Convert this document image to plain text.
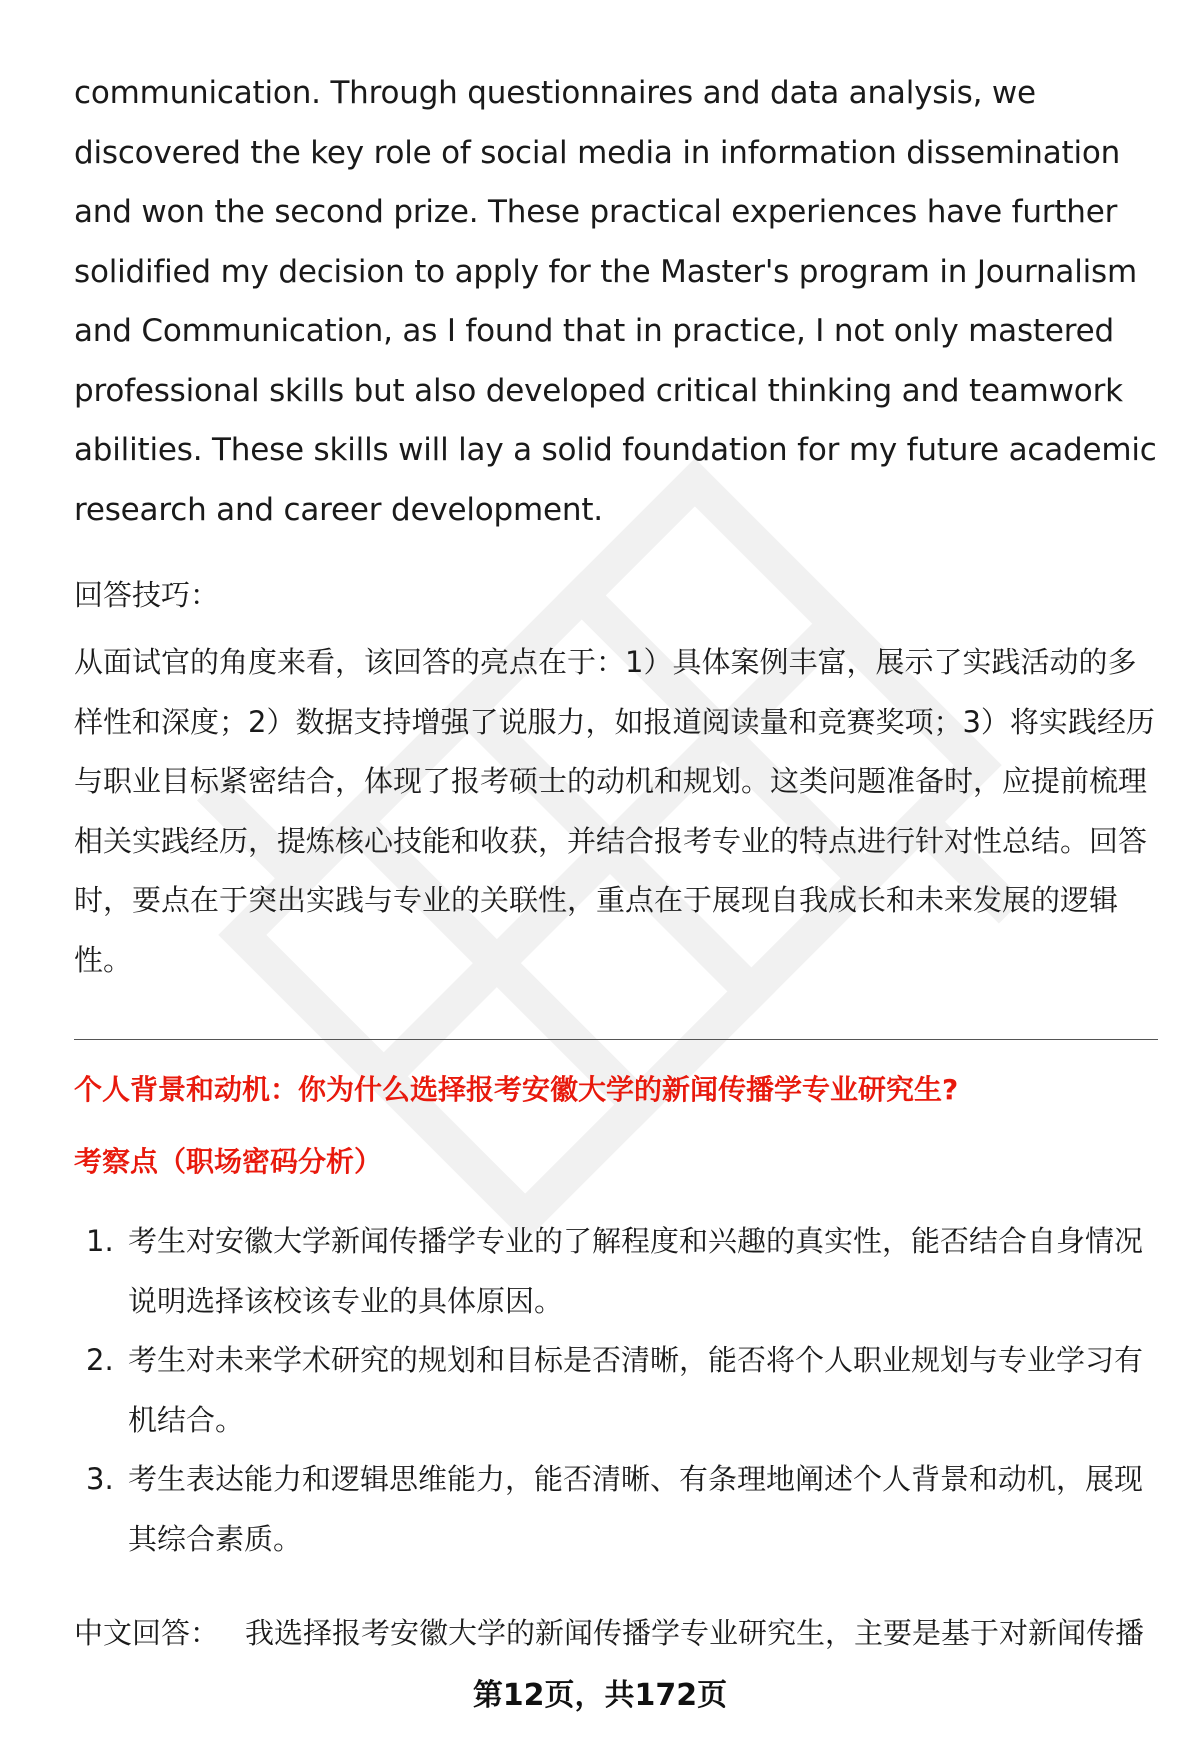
communication. Through questionnaires and data analysis, we discovered the key role of social media in information dissemination and won the second prize. These practical experiences have further solidified my decision to apply for the Master's program in Journalism and Communication, as I found that in practice, I not only mastered professional skills but also developed critical thinking and teamwork abilities. These skills will lay a solid foundation for my future academic research and career development.

回答技巧：

从面试官的角度来看，该回答的亮点在于：1）具体案例丰富，展示了实践活动的多样性和深度；2）数据支持增强了说服力，如报道阅读量和竞赛奖项；3）将实践经历与职业目标紧密结合，体现了报考硕士的动机和规划。这类问题准备时，应提前梳理相关实践经历，提炼核心技能和收获，并结合报考专业的特点进行针对性总结。回答时，要点在于突出实践与专业的关联性，重点在于展现自我成长和未来发展的逻辑性。

个人背景和动机：你为什么选择报考安徽大学的新闻传播学专业研究生?
考察点（职场密码分析）
1. 考生对安徽大学新闻传播学专业的了解程度和兴趣的真实性，能否结合自身情况说明选择该校该专业的具体原因。
2. 考生对未来学术研究的规划和目标是否清晰，能否将个人职业规划与专业学习有机结合。
3. 考生表达能力和逻辑思维能力，能否清晰、有条理地阐述个人背景和动机，展现其综合素质。
中文回答： 我选择报考安徽大学的新闻传播学专业研究生，主要是基于对新闻传播
第12页，共172页
